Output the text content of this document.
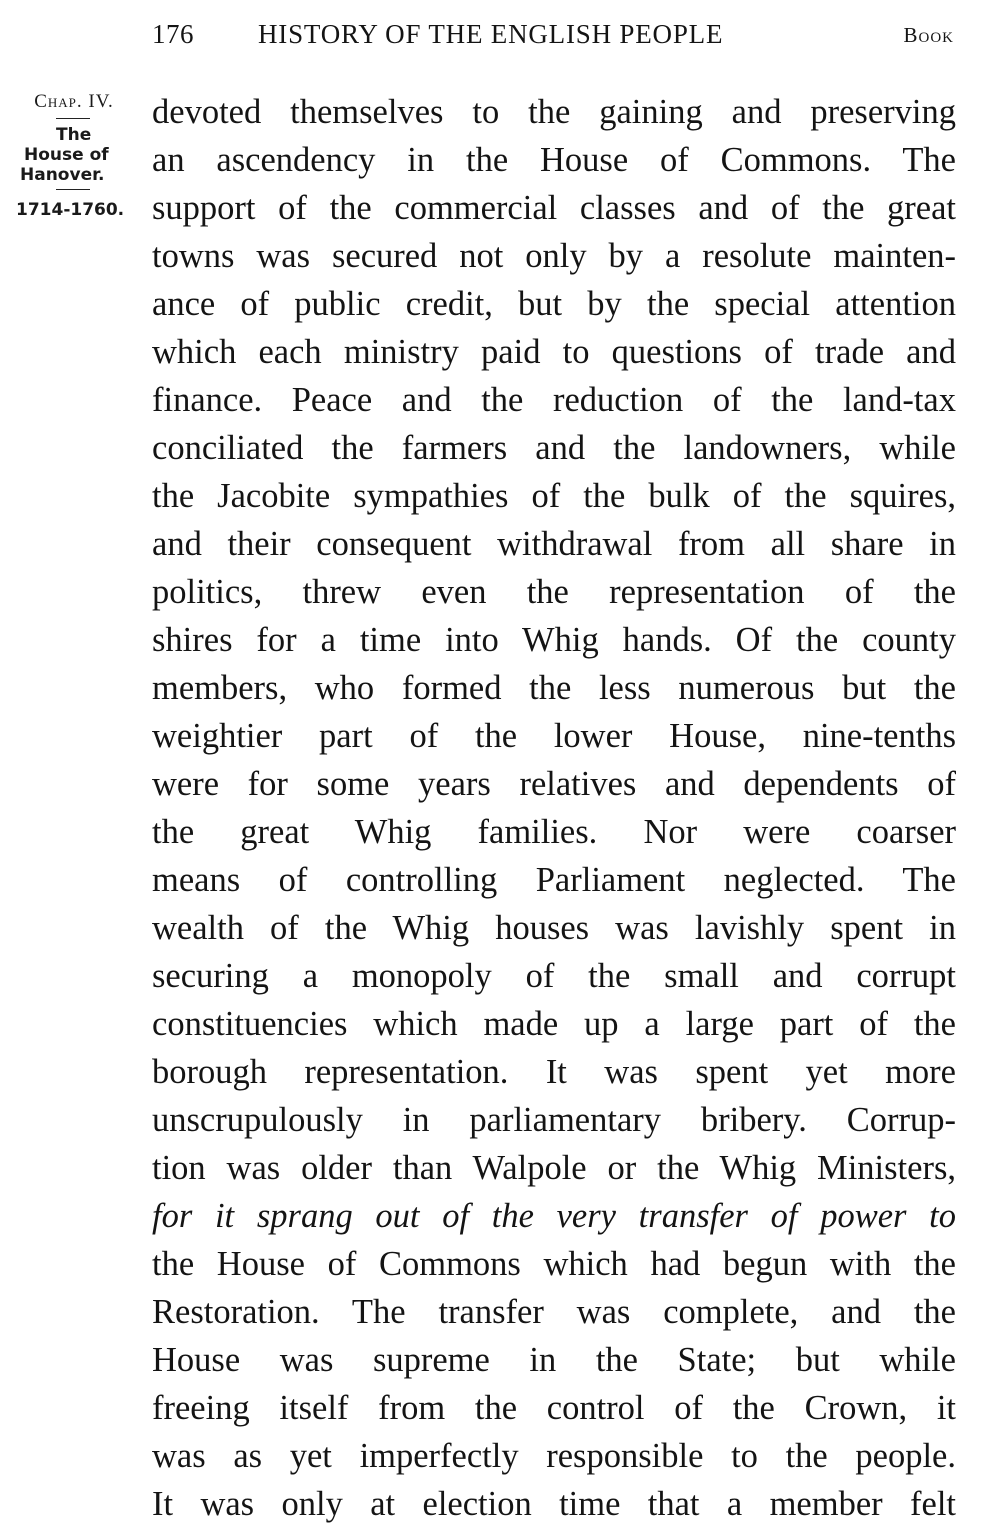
176 HISTORY OF THE ENGLISH PEOPLE	Book
Chap. IV.
The
House of
Hanover.
1714-1760.
devoted themselves to the gaining and preserving
an ascendency in the House of Commons. The
support of the commercial classes and of the great
towns was secured not only by a resolute mainten-
ance of public credit, but by the special attention
which each ministry paid to questions of trade and
finance. Peace and the reduction of the land-tax
conciliated the farmers and the landowners, while
the Jacobite sympathies of the bulk of the squires,
and their consequent withdrawal from all share in
politics, threw even the representation of the
shires for a time into Whig hands. Of the county
members, who formed the less numerous but the
weightier part of the lower House, nine-tenths
were for some years relatives and dependents of
the great Whig families. Nor were coarser
means of controlling Parliament neglected. The
wealth of the Whig houses was lavishly spent in
securing a monopoly of the small and corrupt
constituencies which made up a large part of the
borough representation. It was spent yet more
unscrupulously in parliamentary bribery. Corrup-
tion was older than Walpole or the Whig Ministers,
for it sprang out of the very transfer of power to
the House of Commons which had begun with the
Restoration. The transfer was complete, and the
House was supreme in the State; but while
freeing itself from the control of the Crown, it
was as yet imperfectly responsible to the people.
It was only at election time that a member felt
